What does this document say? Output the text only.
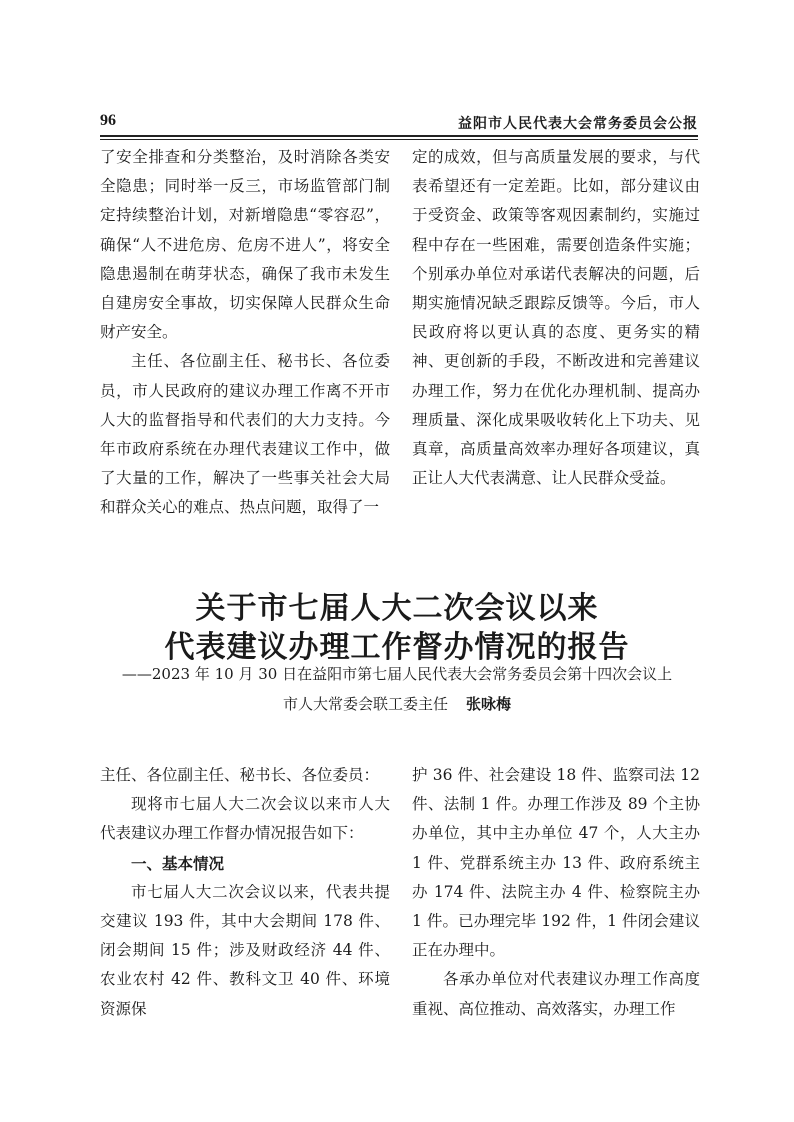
96	益阳市人民代表大会常务委员会公报

了安全排查和分类整治，及时消除各类安全隐患；同时举一反三，市场监管部门制定持续整治计划，对新增隐患“零容忍”，确保“人不进危房、危房不进人”，将安全隐患遏制在萌芽状态，确保了我市未发生自建房安全事故，切实保障人民群众生命财产安全。

主任、各位副主任、秘书长、各位委员，市人民政府的建议办理工作离不开市人大的监督指导和代表们的大力支持。今年市政府系统在办理代表建议工作中，做了大量的工作，解决了一些事关社会大局和群众关心的难点、热点问题，取得了一

定的成效，但与高质量发展的要求，与代表希望还有一定差距。比如，部分建议由于受资金、政策等客观因素制约，实施过程中存在一些困难，需要创造条件实施；个别承办单位对承诺代表解决的问题，后期实施情况缺乏跟踪反馈等。今后，市人民政府将以更认真的态度、更务实的精神、更创新的手段，不断改进和完善建议办理工作，努力在优化办理机制、提高办理质量、深化成果吸收转化上下功夫、见真章，高质量高效率办理好各项建议，真正让人大代表满意、让人民群众受益。

关于市七届人大二次会议以来
代表建议办理工作督办情况的报告
——2023 年 10 月 30 日在益阳市第七届人民代表大会常务委员会第十四次会议上
市人大常委会联工委主任 张咏梅

主任、各位副主任、秘书长、各位委员：

现将市七届人大二次会议以来市人大代表建议办理工作督办情况报告如下：

一、基本情况

市七届人大二次会议以来，代表共提交建议 193 件，其中大会期间 178 件、闭会期间 15 件；涉及财政经济 44 件、农业农村 42 件、教科文卫 40 件、环境资源保

护 36 件、社会建设 18 件、监察司法 12 件、法制 1 件。办理工作涉及 89 个主协办单位，其中主办单位 47 个，人大主办 1 件、党群系统主办 13 件、政府系统主办 174 件、法院主办 4 件、检察院主办 1 件。已办理完毕 192 件，1 件闭会建议正在办理中。

各承办单位对代表建议办理工作高度重视、高位推动、高效落实，办理工作
